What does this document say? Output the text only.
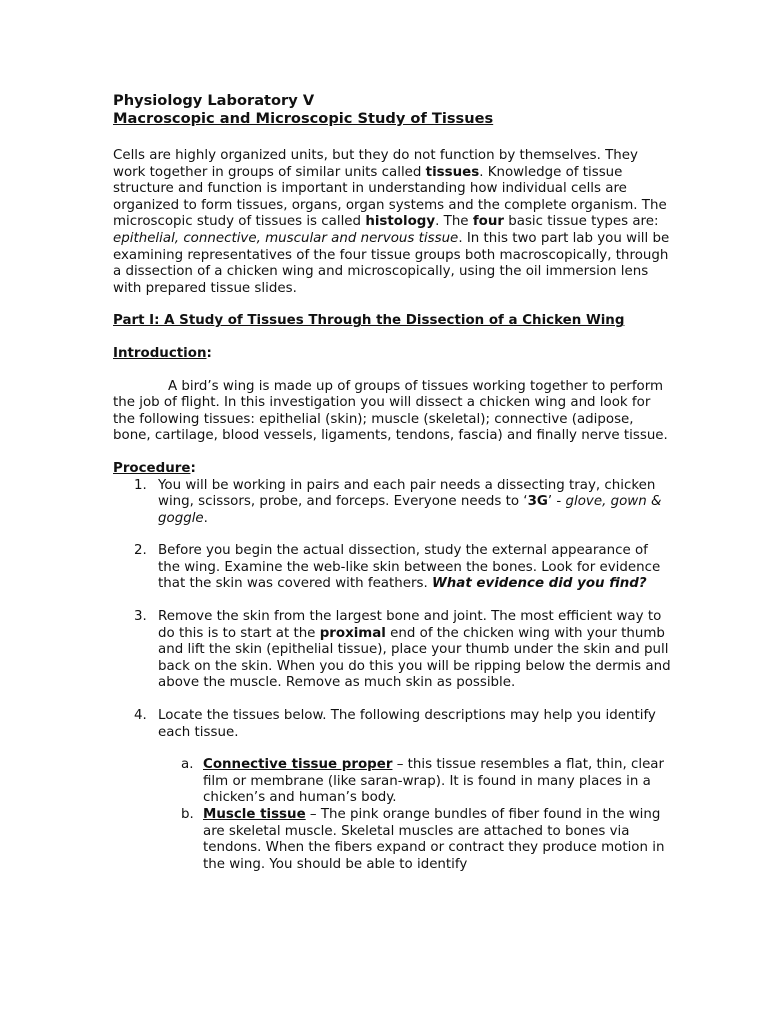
Physiology Laboratory V
Macroscopic and Microscopic Study of Tissues

Cells are highly organized units, but they do not function by themselves. They work together in groups of similar units called tissues. Knowledge of tissue structure and function is important in understanding how individual cells are organized to form tissues, organs, organ systems and the complete organism. The microscopic study of tissues is called histology. The four basic tissue types are: epithelial, connective, muscular and nervous tissue. In this two part lab you will be examining representatives of the four tissue groups both macroscopically, through a dissection of a chicken wing and microscopically, using the oil immersion lens with prepared tissue slides.

Part I: A Study of Tissues Through the Dissection of a Chicken Wing
Introduction:

A bird’s wing is made up of groups of tissues working together to perform the job of flight. In this investigation you will dissect a chicken wing and look for the following tissues: epithelial (skin); muscle (skeletal); connective (adipose, bone, cartilage, blood vessels, ligaments, tendons, fascia) and finally nerve tissue.

Procedure:
1. You will be working in pairs and each pair needs a dissecting tray, chicken wing, scissors, probe, and forceps. Everyone needs to ‘3G’ - glove, gown & goggle.
2. Before you begin the actual dissection, study the external appearance of the wing. Examine the web-like skin between the bones. Look for evidence that the skin was covered with feathers. What evidence did you find?
3. Remove the skin from the largest bone and joint. The most efficient way to do this is to start at the proximal end of the chicken wing with your thumb and lift the skin (epithelial tissue), place your thumb under the skin and pull back on the skin. When you do this you will be ripping below the dermis and above the muscle. Remove as much skin as possible.
4. Locate the tissues below. The following descriptions may help you identify each tissue.
a. Connective tissue proper – this tissue resembles a flat, thin, clear film or membrane (like saran-wrap). It is found in many places in a chicken’s and human’s body.
b. Muscle tissue – The pink orange bundles of fiber found in the wing are skeletal muscle. Skeletal muscles are attached to bones via tendons. When the fibers expand or contract they produce motion in the wing. You should be able to identify
